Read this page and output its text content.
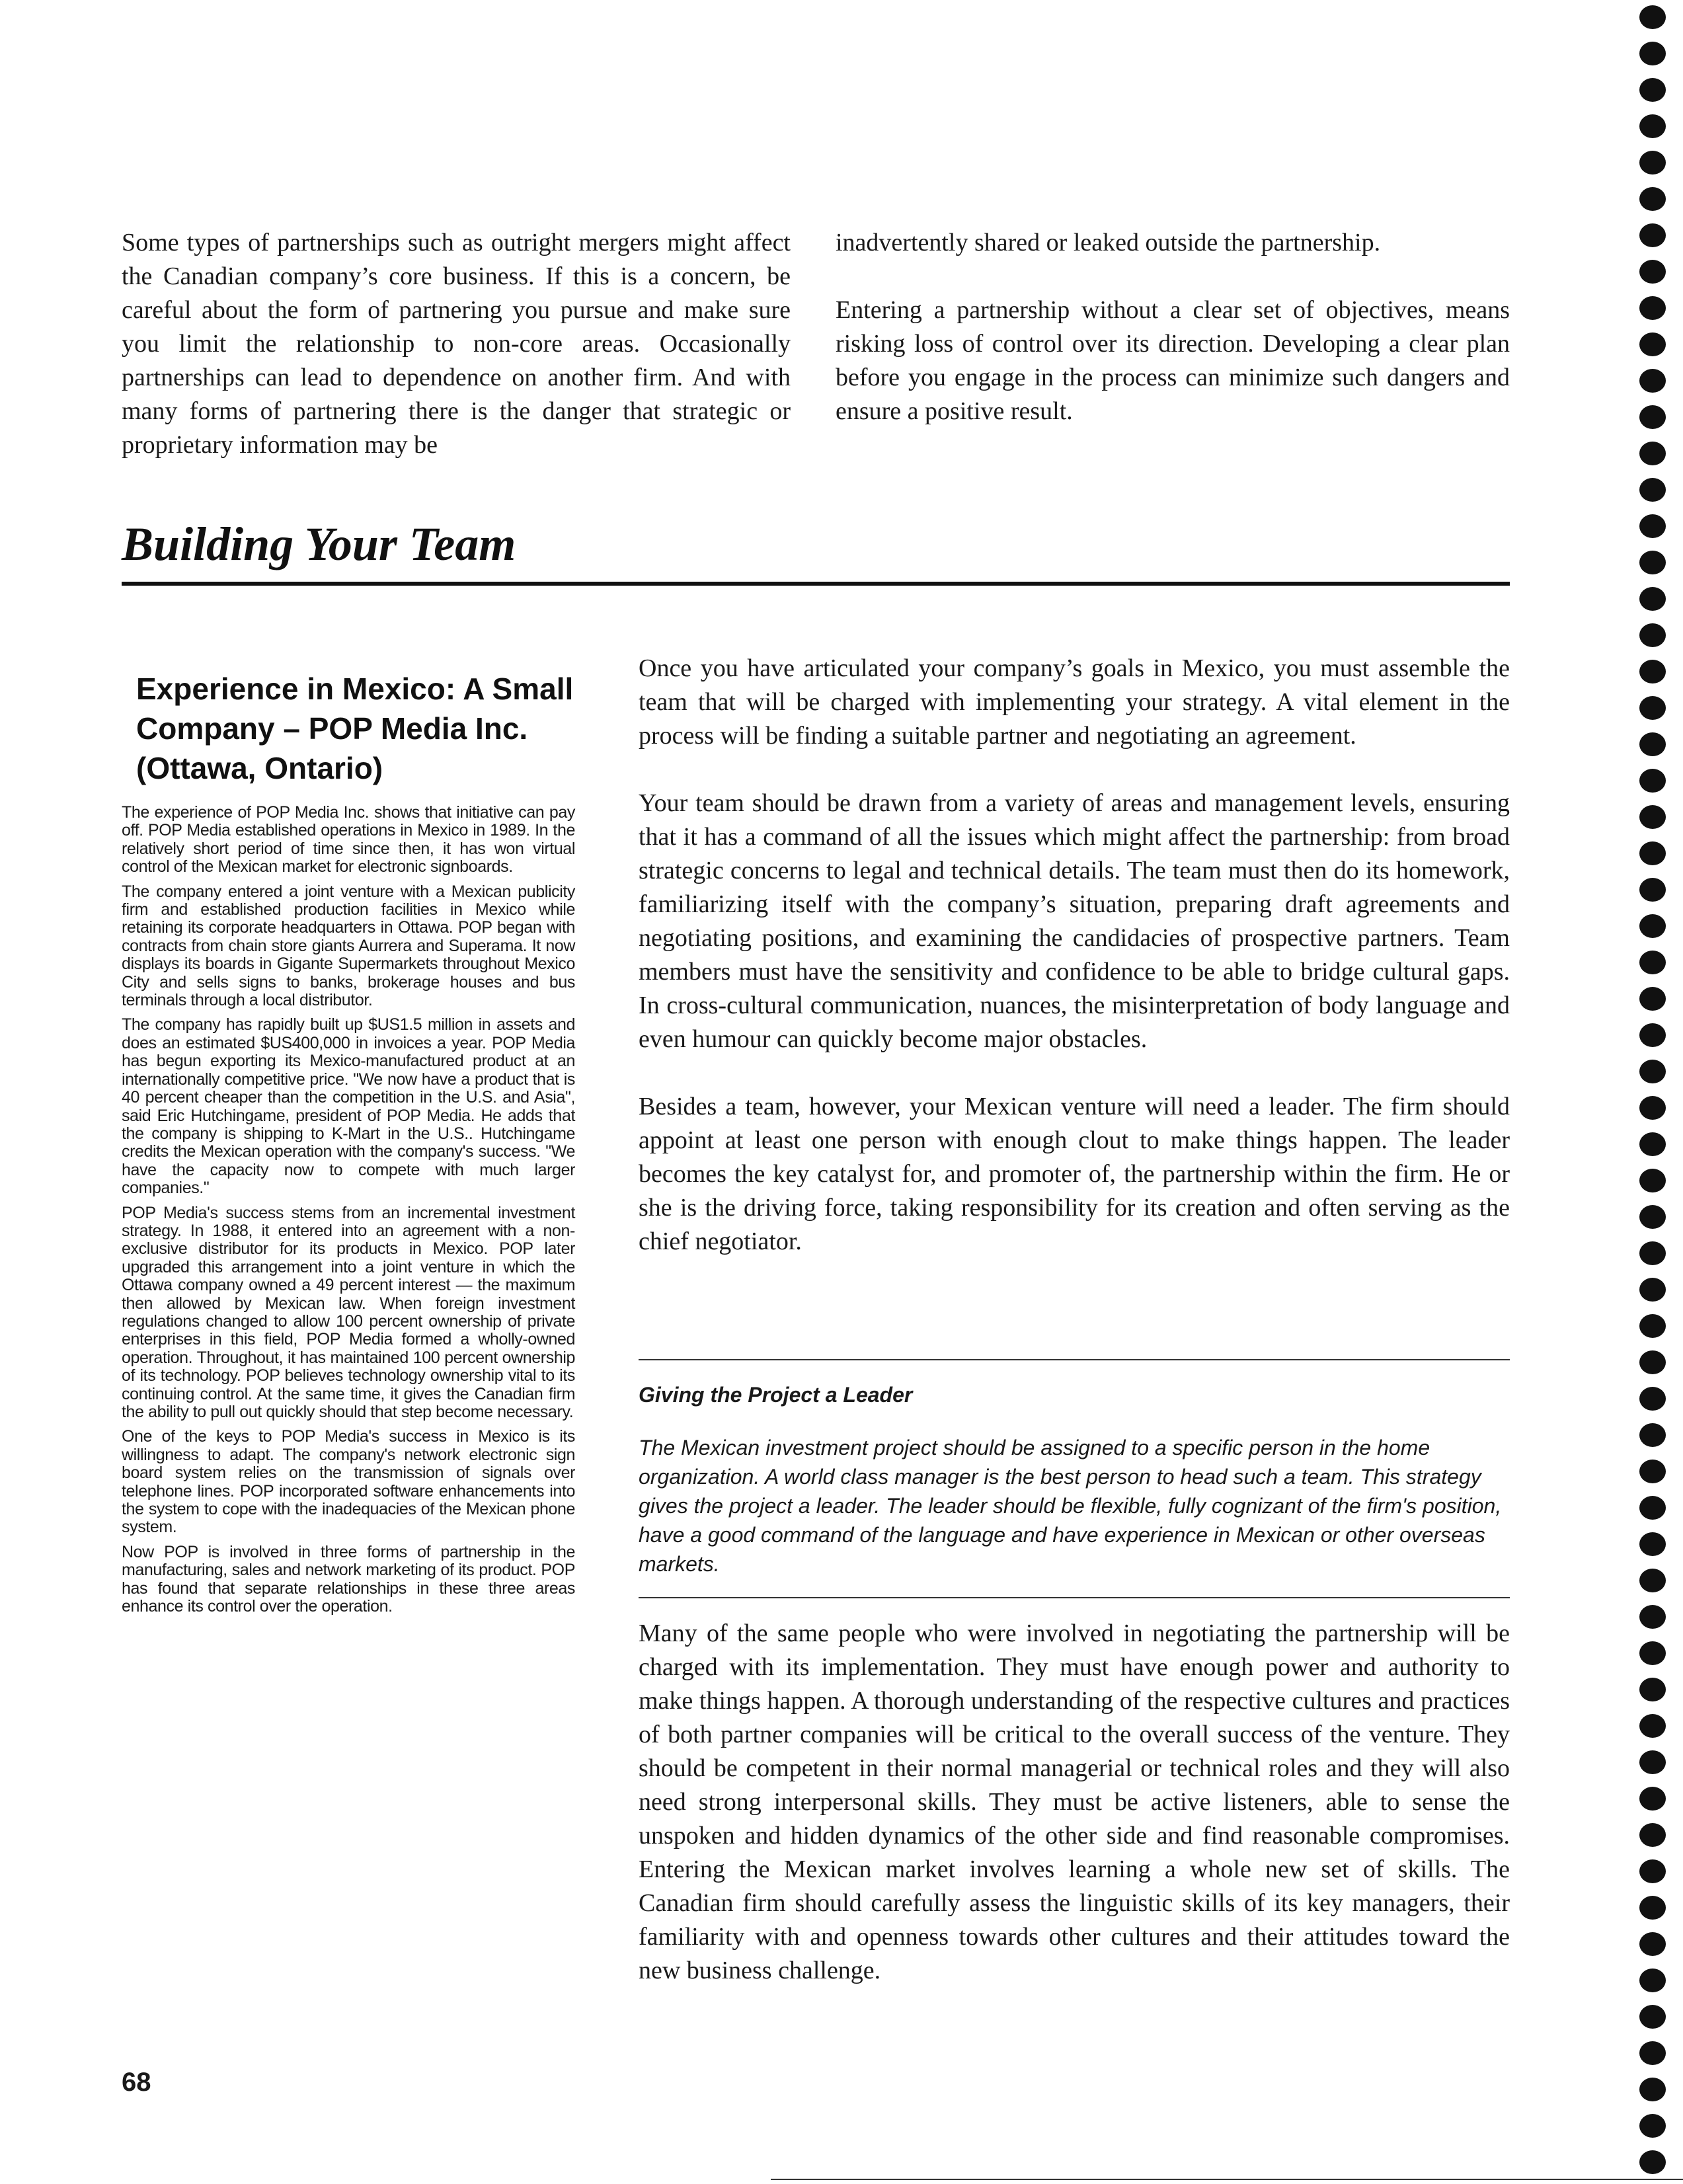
Some types of partnerships such as outright mergers might affect the Canadian company’s core business. If this is a concern, be careful about the form of partnering you pursue and make sure you limit the relationship to non-core areas. Occasionally partnerships can lead to dependence on another firm. And with many forms of partnering there is the danger that strategic or proprietary information may be

inadvertently shared or leaked outside the partnership.

Entering a partnership without a clear set of objectives, means risking loss of control over its direction. Developing a clear plan before you engage in the process can minimize such dangers and ensure a positive result.

Building Your Team
Experience in Mexico: A Small Company – POP Media Inc. (Ottawa, Ontario)

The experience of POP Media Inc. shows that initiative can pay off. POP Media established operations in Mexico in 1989. In the relatively short period of time since then, it has won virtual control of the Mexican market for electronic signboards.

The company entered a joint venture with a Mexican publicity firm and established production facilities in Mexico while retaining its corporate headquarters in Ottawa. POP began with contracts from chain store giants Aurrera and Superama. It now displays its boards in Gigante Supermarkets throughout Mexico City and sells signs to banks, brokerage houses and bus terminals through a local distributor.

The company has rapidly built up $US1.5 million in assets and does an estimated $US400,000 in invoices a year. POP Media has begun exporting its Mexico-manufactured product at an internationally competitive price. "We now have a product that is 40 percent cheaper than the competition in the U.S. and Asia", said Eric Hutchingame, president of POP Media. He adds that the company is shipping to K-Mart in the U.S.. Hutchingame credits the Mexican operation with the company's success. "We have the capacity now to compete with much larger companies."

POP Media's success stems from an incremental investment strategy. In 1988, it entered into an agreement with a non-exclusive distributor for its products in Mexico. POP later upgraded this arrangement into a joint venture in which the Ottawa company owned a 49 percent interest — the maximum then allowed by Mexican law. When foreign investment regulations changed to allow 100 percent ownership of private enterprises in this field, POP Media formed a wholly-owned operation. Throughout, it has maintained 100 percent ownership of its technology. POP believes technology ownership vital to its continuing control. At the same time, it gives the Canadian firm the ability to pull out quickly should that step become necessary.

One of the keys to POP Media's success in Mexico is its willingness to adapt. The company's network electronic sign board system relies on the transmission of signals over telephone lines. POP incorporated software enhancements into the system to cope with the inadequacies of the Mexican phone system.

Now POP is involved in three forms of partnership in the manufacturing, sales and network marketing of its product. POP has found that separate relationships in these three areas enhance its control over the operation.

Once you have articulated your company’s goals in Mexico, you must assemble the team that will be charged with implementing your strategy. A vital element in the process will be finding a suitable partner and negotiating an agreement.

Your team should be drawn from a variety of areas and management levels, ensuring that it has a command of all the issues which might affect the partnership: from broad strategic concerns to legal and technical details. The team must then do its homework, familiarizing itself with the company’s situation, preparing draft agreements and negotiating positions, and examining the candidacies of prospective partners. Team members must have the sensitivity and confidence to be able to bridge cultural gaps. In cross-cultural communication, nuances, the misinterpretation of body language and even humour can quickly become major obstacles.

Besides a team, however, your Mexican venture will need a leader. The firm should appoint at least one person with enough clout to make things happen. The leader becomes the key catalyst for, and promoter of, the partnership within the firm. He or she is the driving force, taking responsibility for its creation and often serving as the chief negotiator.

Giving the Project a Leader

The Mexican investment project should be assigned to a specific person in the home organization. A world class manager is the best person to head such a team. This strategy gives the project a leader. The leader should be flexible, fully cognizant of the firm's position, have a good command of the language and have experience in Mexican or other overseas markets.

Many of the same people who were involved in negotiating the partnership will be charged with its implementation. They must have enough power and authority to make things happen. A thorough understanding of the respective cultures and practices of both partner companies will be critical to the overall success of the venture. They should be competent in their normal managerial or technical roles and they will also need strong interpersonal skills. They must be active listeners, able to sense the unspoken and hidden dynamics of the other side and find reasonable compromises. Entering the Mexican market involves learning a whole new set of skills. The Canadian firm should carefully assess the linguistic skills of its key managers, their familiarity with and openness towards other cultures and their attitudes toward the new business challenge.

68
